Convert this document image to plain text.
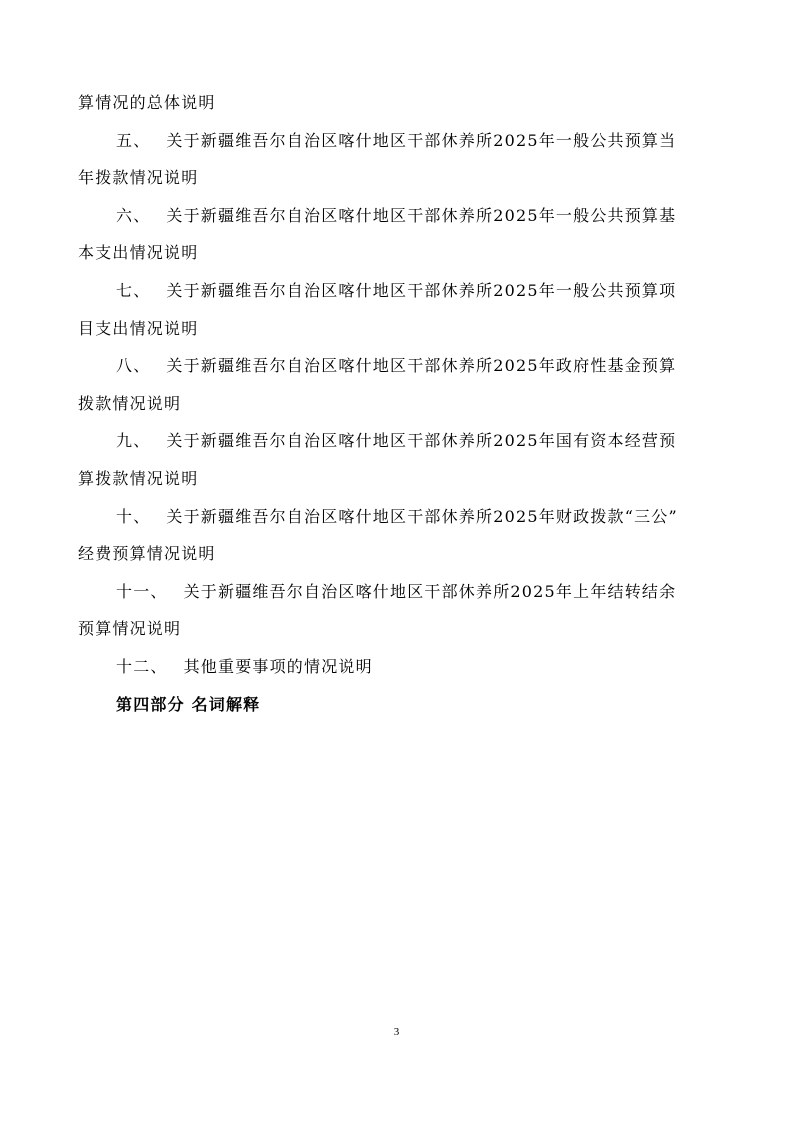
算情况的总体说明
五、 关于新疆维吾尔自治区喀什地区干部休养所2025年一般公共预算当
年拨款情况说明
六、 关于新疆维吾尔自治区喀什地区干部休养所2025年一般公共预算基
本支出情况说明
七、 关于新疆维吾尔自治区喀什地区干部休养所2025年一般公共预算项
目支出情况说明
八、 关于新疆维吾尔自治区喀什地区干部休养所2025年政府性基金预算
拨款情况说明
九、 关于新疆维吾尔自治区喀什地区干部休养所2025年国有资本经营预
算拨款情况说明
十、 关于新疆维吾尔自治区喀什地区干部休养所2025年财政拨款“三公”
经费预算情况说明
十一、 关于新疆维吾尔自治区喀什地区干部休养所2025年上年结转结余
预算情况说明
十二、 其他重要事项的情况说明
第四部分 名词解释
3
